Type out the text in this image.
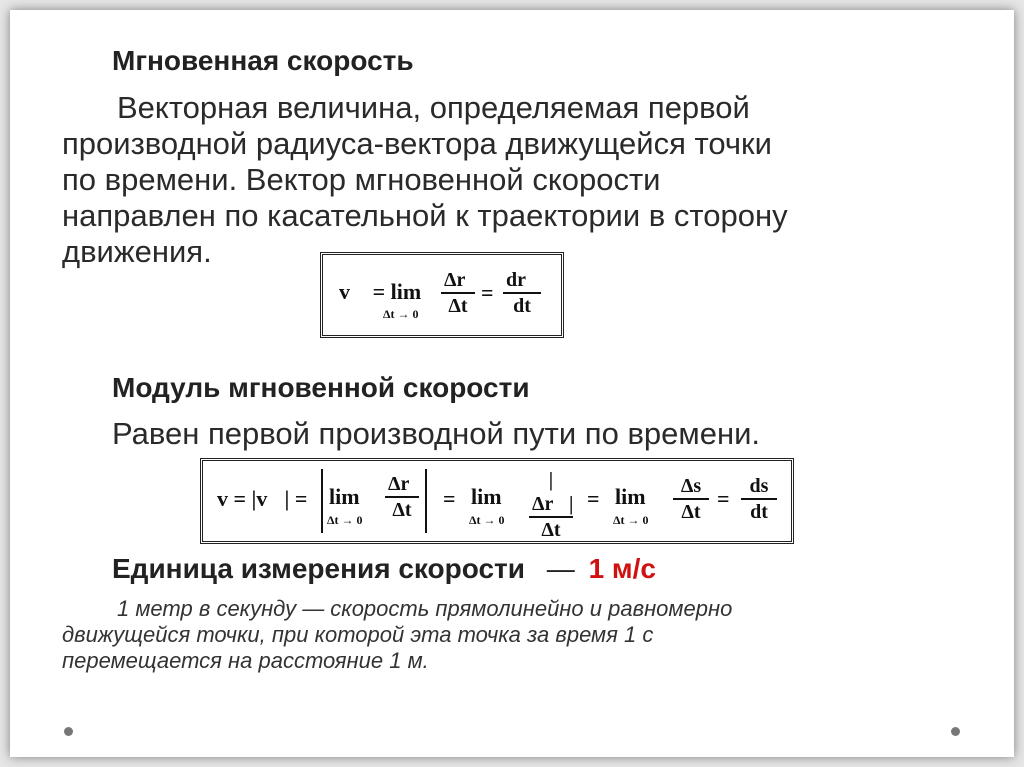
Мгновенная скорость
Векторная величина, определяемая первой
производной радиуса-вектора движущейся точки
по времени. Вектор мгновенной скорости
направлен по касательной к траектории в сторону
движения.
v⃗ = lim
$\Delta t \to 0 \frac{\Delta r⃗}{\Delta t} = \frac{dr⃗}{dt}$
Модуль мгновенной скорости
Равен первой производной пути по времени.
v = |v⃗| = lim
$\Delta t \to 0 \frac{\Delta r⃗}{\Delta t} = \lim$
$\Delta t \to 0 \frac{|\Delta r⃗|}{\Delta t} = \lim$
$\Delta t \to 0 \frac{\Delta s}{\Delta t} = \frac{ds}{dt}$
Единица измерения скорости — 1 м/с
1 метр в секунду — скорость прямолинейно и равномерно
движущейся точки, при которой эта точка за время 1 с
перемещается на расстояние 1 м.
